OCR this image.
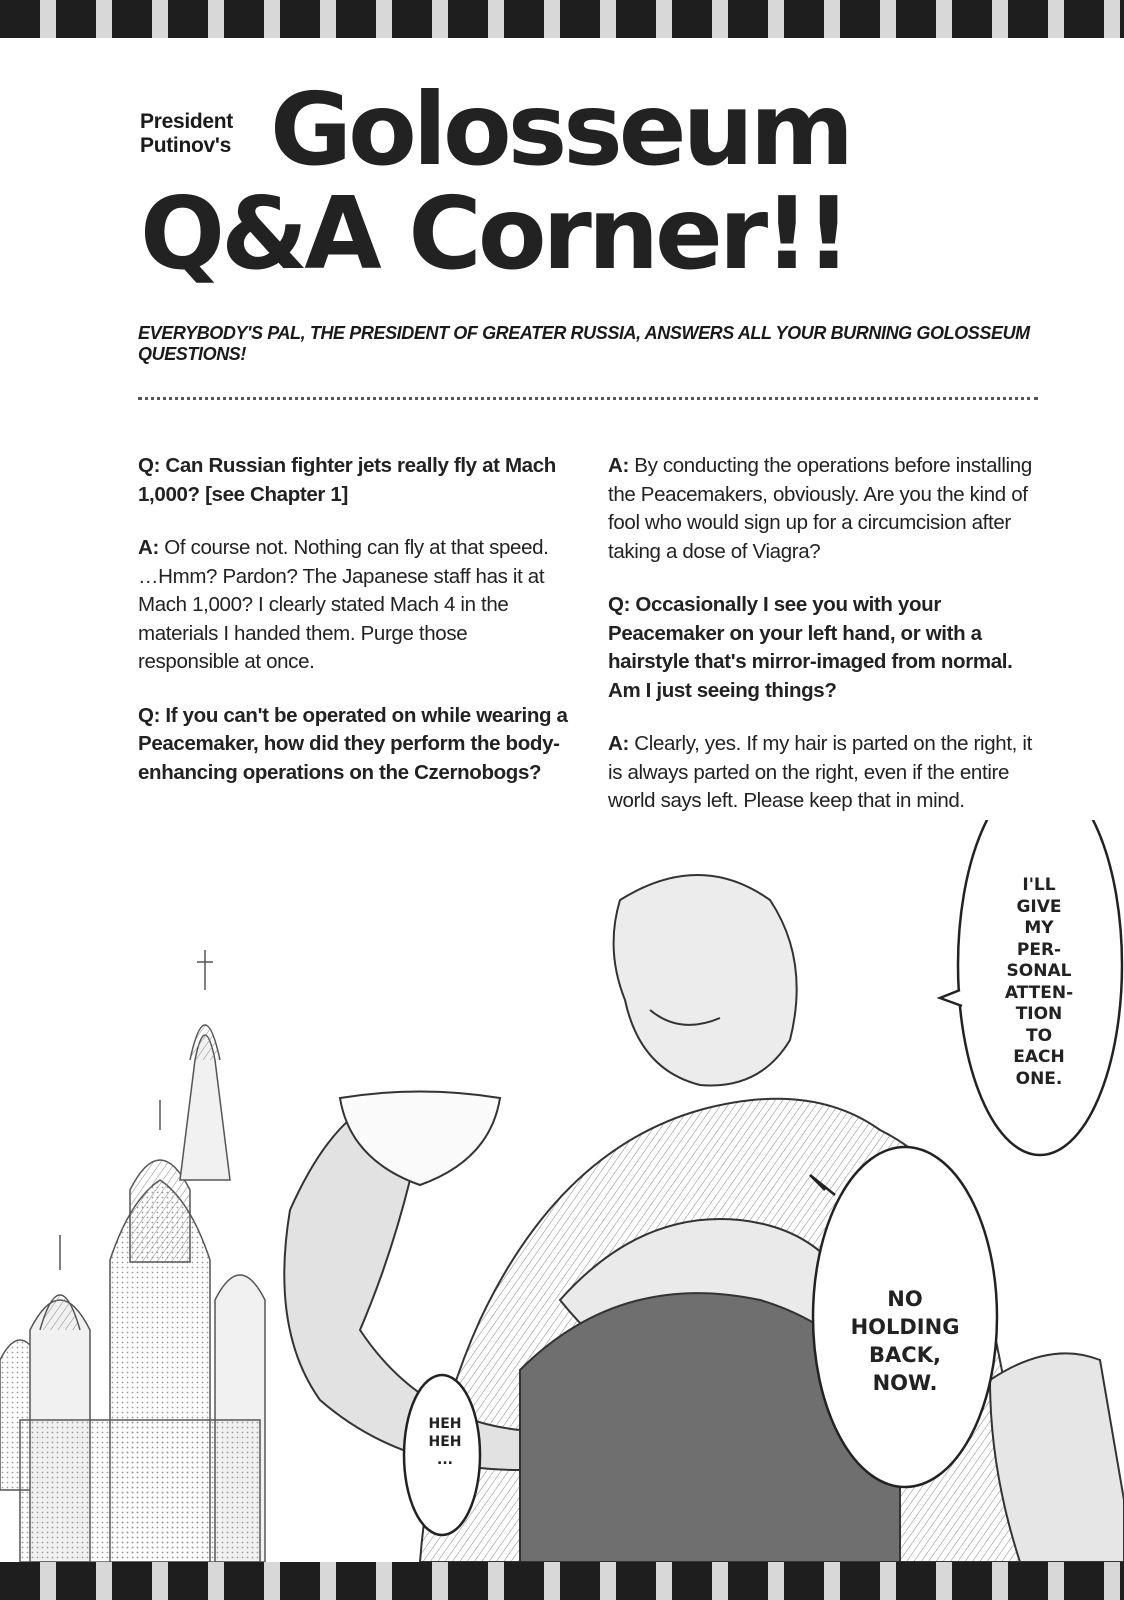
President
Putinov's Golosseum
Q&A Corner!!
EVERYBODY'S PAL, THE PRESIDENT OF GREATER RUSSIA, ANSWERS ALL YOUR BURNING GOLOSSEUM QUESTIONS!

Q: Can Russian fighter jets really fly at Mach 1,000? [see Chapter 1]

A: Of course not. Nothing can fly at that speed. …Hmm? Pardon? The Japanese staff has it at Mach 1,000? I clearly stated Mach 4 in the materials I handed them. Purge those responsible at once.

Q: If you can't be operated on while wearing a Peacemaker, how did they perform the body-enhancing operations on the Czernobogs?

A: By conducting the operations before installing the Peacemakers, obviously. Are you the kind of fool who would sign up for a circumcision after taking a dose of Viagra?

Q: Occasionally I see you with your Peacemaker on your left hand, or with a hairstyle that's mirror-imaged from normal. Am I just seeing things?

A: Clearly, yes. If my hair is parted on the right, it is always parted on the right, even if the entire world says left. Please keep that in mind.

I'LL
GIVE
MY
PER-
SONAL
ATTEN-
TION
TO
EACH
ONE.
NO
HOLDING
BACK,
NOW.
HEH
HEH
...
